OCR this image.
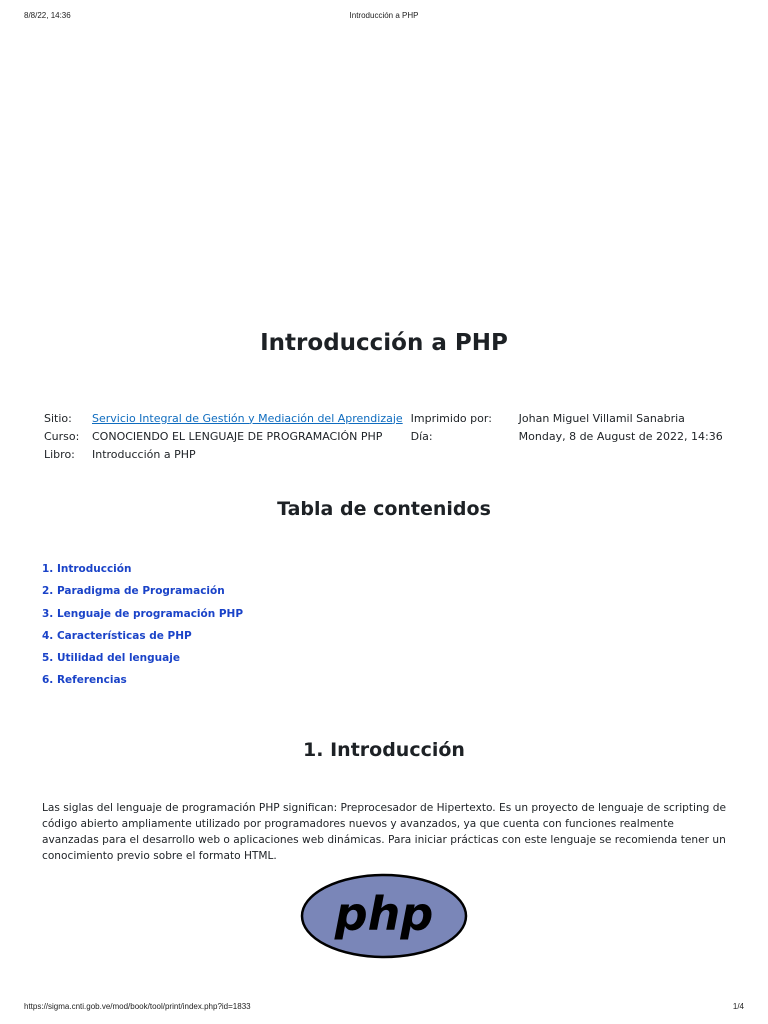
8/8/22, 14:36	Introducción a PHP
Introducción a PHP
Sitio:	Servicio Integral de Gestión y Mediación del Aprendizaje	Imprimido por:	Johan Miguel Villamil Sanabria
Curso:	CONOCIENDO EL LENGUAJE DE PROGRAMACIÓN PHP	Día:	Monday, 8 de August de 2022, 14:36
Libro:	Introducción a PHP		
Tabla de contenidos
1. Introducción
2. Paradigma de Programación
3. Lenguaje de programación PHP
4. Características de PHP
5. Utilidad del lenguaje
6. Referencias
1. Introducción

Las siglas del lenguaje de programación PHP significan: Preprocesador de Hipertexto. Es un proyecto de lenguaje de scripting de código abierto ampliamente utilizado por programadores nuevos y avanzados, ya que cuenta con funciones realmente avanzadas para el desarrollo web o aplicaciones web dinámicas. Para iniciar prácticas con este lenguaje se recomienda tener un conocimiento previo sobre el formato HTML.

php
https://sigma.cnti.gob.ve/mod/book/tool/print/index.php?id=1833	1/4
